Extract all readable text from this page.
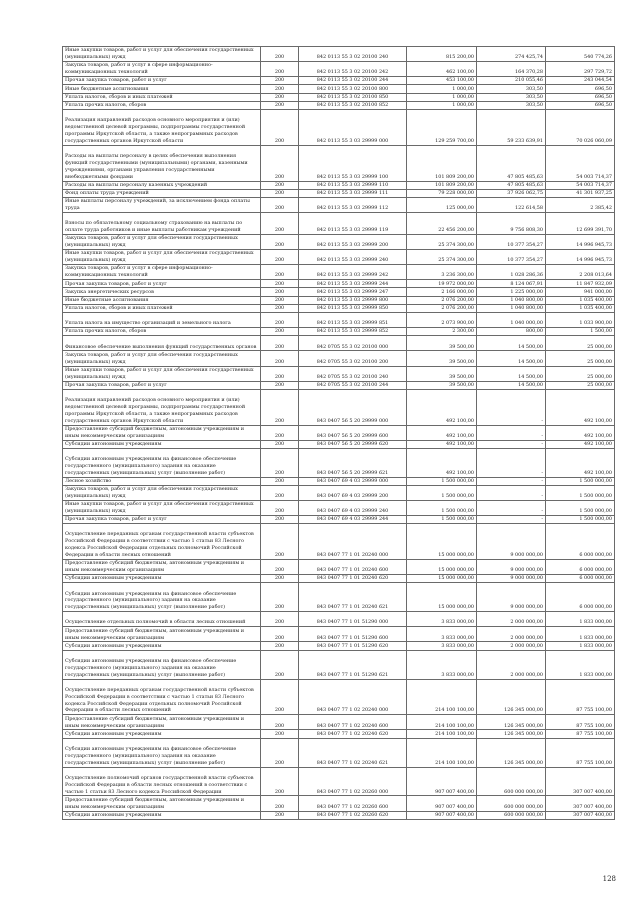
Иные закупки товаров, работ и услуг для обеспечения государственных (муниципальных) нужд	200	842 0113 55 3 02 20100 240	815 200,00	274 425,74	540 774,26
Закупка товаров, работ и услуг в сфере информационно-коммуникационных технологий	200	842 0113 55 3 02 20100 242	462 100,00	164 370,28	297 729,72
Прочая закупка товаров, работ и услуг	200	842 0113 55 3 02 20100 244	453 100,00	210 055,46	243 044,54
Иные бюджетные ассигнования	200	842 0113 55 3 02 20100 800	1 000,00	303,50	696,50
Уплата налогов, сборов и иных платежей	200	842 0113 55 3 02 20100 850	1 000,00	303,50	696,50
Уплата прочих налогов, сборов	200	842 0113 55 3 02 20100 852	1 000,00	303,50	696,50
Реализация направлений расходов основного мероприятия и (или) ведомственной целевой программы, подпрограммы государственной программы Иркутской области, а также непрограммных расходов государственных органов Иркутской области	200	842 0113 55 3 03 29999 000	129 259 700,00	59 233 639,91	70 026 060,09
Расходы на выплаты персоналу в целях обеспечения выполнения функций государственными (муниципальными) органами, казенными учреждениями, органами управления государственными внебюджетными фондами	200	842 0113 55 3 03 29999 100	101 809 200,00	47 805 485,63	54 003 714,37
Расходы на выплаты персоналу казенных учреждений	200	842 0113 55 3 03 29999 110	101 809 200,00	47 805 485,63	54 003 714,37
Фонд оплаты труда учреждений	200	842 0113 55 3 03 29999 111	79 228 000,00	37 926 062,75	41 301 937,25
Иные выплаты персоналу учреждений, за исключением фонда оплаты труда	200	842 0113 55 3 03 29999 112	125 000,00	122 614,58	2 385,42
Взносы по обязательному социальному страхованию на выплаты по оплате труда работников и иные выплаты работникам учреждений	200	842 0113 55 3 03 29999 119	22 456 200,00	9 756 808,30	12 699 391,70
Закупка товаров, работ и услуг для обеспечения государственных (муниципальных) нужд	200	842 0113 55 3 03 29999 200	25 374 300,00	10 377 354,27	14 996 945,73
Иные закупки товаров, работ и услуг для обеспечения государственных (муниципальных) нужд	200	842 0113 55 3 03 29999 240	25 374 300,00	10 377 354,27	14 996 945,73
Закупка товаров, работ и услуг в сфере информационно-коммуникационных технологий	200	842 0113 55 3 03 29999 242	3 236 300,00	1 028 286,36	2 208 013,64
Прочая закупка товаров, работ и услуг	200	842 0113 55 3 03 29999 244	19 972 000,00	8 124 067,91	11 847 932,09
Закупка энергетических ресурсов	200	842 0113 55 3 03 29999 247	2 166 000,00	1 225 000,00	941 000,00
Иные бюджетные ассигнования	200	842 0113 55 3 03 29999 800	2 076 200,00	1 040 800,00	1 035 400,00
Уплата налогов, сборов и иных платежей	200	842 0113 55 3 03 29999 850	2 076 200,00	1 040 800,00	1 035 400,00
Уплата налога на имущество организаций и земельного налога	200	842 0113 55 3 03 29999 851	2 073 900,00	1 040 000,00	1 033 900,00
Уплата прочих налогов, сборов	200	842 0113 55 3 03 29999 852	2 300,00	800,00	1 500,00
Финансовое обеспечение выполнения функций государственных органов	200	842 0705 55 3 02 20100 000	39 500,00	14 500,00	25 000,00
Закупка товаров, работ и услуг для обеспечения государственных (муниципальных) нужд	200	842 0705 55 3 02 20100 200	39 500,00	14 500,00	25 000,00
Иные закупки товаров, работ и услуг для обеспечения государственных (муниципальных) нужд	200	842 0705 55 3 02 20100 240	39 500,00	14 500,00	25 000,00
Прочая закупка товаров, работ и услуг	200	842 0705 55 3 02 20100 244	39 500,00	14 500,00	25 000,00
Реализация направлений расходов основного мероприятия и (или) ведомственной целевой программы, подпрограммы государственной программы Иркутской области, а также непрограммных расходов государственных органов Иркутской области	200	843 0407 56 5 20 29999 000	492 100,00	-	492 100,00
Предоставление субсидий бюджетным, автономным учреждениям и иным некоммерческим организациям	200	843 0407 56 5 20 29999 600	492 100,00	-	492 100,00
Субсидии автономным учреждениям	200	843 0407 56 5 20 29999 620	492 100,00	-	492 100,00
Субсидии автономным учреждениям на финансовое обеспечение государственного (муниципального) задания на оказание государственных (муниципальных) услуг (выполнение работ)	200	843 0407 56 5 20 29999 621	492 100,00	-	492 100,00
Лесное хозяйство	200	843 0407 69 4 03 29999 000	1 500 000,00	-	1 500 000,00
Закупка товаров, работ и услуг для обеспечения государственных (муниципальных) нужд	200	843 0407 69 4 03 29999 200	1 500 000,00	-	1 500 000,00
Иные закупки товаров, работ и услуг для обеспечения государственных (муниципальных) нужд	200	843 0407 69 4 03 29999 240	1 500 000,00	-	1 500 000,00
Прочая закупка товаров, работ и услуг	200	843 0407 69 4 03 29999 244	1 500 000,00	-	1 500 000,00
Осуществление переданных органам государственной власти субъектов Российской Федерации в соответствии с частью 1 статьи 83 Лесного кодекса Российской Федерации отдельных полномочий Российской Федерации в области лесных отношений	200	843 0407 77 1 01 20240 000	15 000 000,00	9 000 000,00	6 000 000,00
Предоставление субсидий бюджетным, автономным учреждениям и иным некоммерческим организациям	200	843 0407 77 1 01 20240 600	15 000 000,00	9 000 000,00	6 000 000,00
Субсидии автономным учреждениям	200	843 0407 77 1 01 20240 620	15 000 000,00	9 000 000,00	6 000 000,00
Субсидии автономным учреждениям на финансовое обеспечение государственного (муниципального) задания на оказание государственных (муниципальных) услуг (выполнение работ)	200	843 0407 77 1 01 20240 621	15 000 000,00	9 000 000,00	6 000 000,00
Осуществление отдельных полномочий в области лесных отношений	200	843 0407 77 1 01 51290 000	3 833 000,00	2 000 000,00	1 833 000,00
Предоставление субсидий бюджетным, автономным учреждениям и иным некоммерческим организациям	200	843 0407 77 1 01 51290 600	3 833 000,00	2 000 000,00	1 833 000,00
Субсидии автономным учреждениям	200	843 0407 77 1 01 51290 620	3 833 000,00	2 000 000,00	1 833 000,00
Субсидии автономным учреждениям на финансовое обеспечение государственного (муниципального) задания на оказание государственных (муниципальных) услуг (выполнение работ)	200	843 0407 77 1 01 51290 621	3 833 000,00	2 000 000,00	1 833 000,00
Осуществление переданных органам государственной власти субъектов Российской Федерации в соответствии с частью 1 статьи 83 Лесного кодекса Российской Федерации отдельных полномочий Российской Федерации в области лесных отношений	200	843 0407 77 1 02 20240 000	214 100 100,00	126 345 000,00	87 755 100,00
Предоставление субсидий бюджетным, автономным учреждениям и иным некоммерческим организациям	200	843 0407 77 1 02 20240 600	214 100 100,00	126 345 000,00	87 755 100,00
Субсидии автономным учреждениям	200	843 0407 77 1 02 20240 620	214 100 100,00	126 345 000,00	87 755 100,00
Субсидии автономным учреждениям на финансовое обеспечение государственного (муниципального) задания на оказание государственных (муниципальных) услуг (выполнение работ)	200	843 0407 77 1 02 20240 621	214 100 100,00	126 345 000,00	87 755 100,00
Осуществление полномочий органов государственной власти субъектов Российской Федерации в области лесных отношений в соответствии с частью 1 статьи 83 Лесного кодекса Российской Федерации	200	843 0407 77 1 02 20260 000	907 007 400,00	600 000 000,00	307 007 400,00
Предоставление субсидий бюджетным, автономным учреждениям и иным некоммерческим организациям	200	843 0407 77 1 02 20260 600	907 007 400,00	600 000 000,00	307 007 400,00
Субсидии автономным учреждениям	200	843 0407 77 1 02 20260 620	907 007 400,00	600 000 000,00	307 007 400,00
128
